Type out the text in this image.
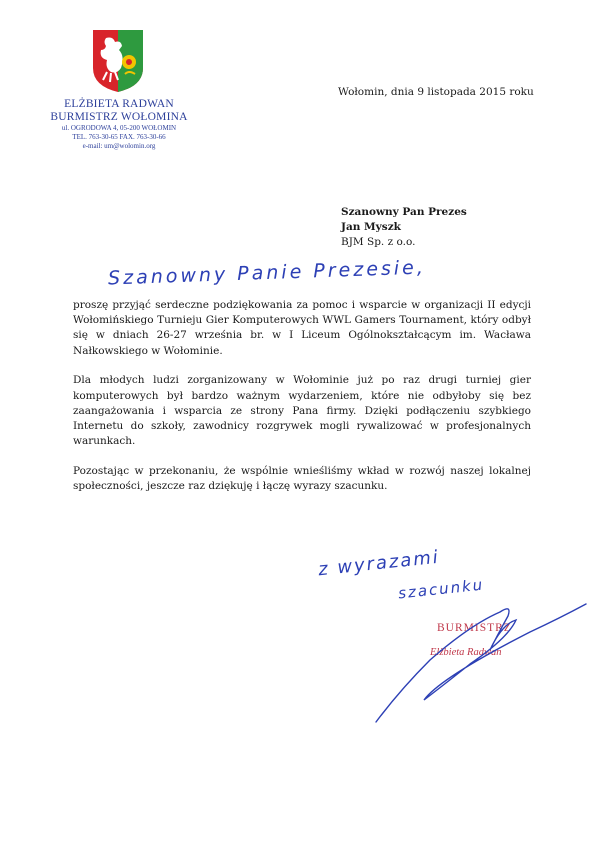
ELŻBIETA RADWAN
BURMISTRZ WOŁOMINA
ul. OGRODOWA 4, 05-200 WOŁOMIN
TEL. 763-30-65 FAX. 763-30-66
e-mail: um@wolomin.org
Wołomin, dnia 9 listopada 2015 roku
Szanowny Pan Prezes
Jan Myszk
BJM Sp. z o.o.
Szanowny Panie Prezesie,

proszę przyjąć serdeczne podziękowania za pomoc i wsparcie w organizacji II edycji Wołomińskiego Turnieju Gier Komputerowych WWL Gamers Tournament, który odbył się w dniach 26-27 września br. w I Liceum Ogólnokształcącym im. Wacława Nałkowskiego w Wołominie.

Dla młodych ludzi zorganizowany w Wołominie już po raz drugi turniej gier komputerowych był bardzo ważnym wydarzeniem, które nie odbyłoby się bez zaangażowania i wsparcia ze strony Pana firmy. Dzięki podłączeniu szybkiego Internetu do szkoły, zawodnicy rozgrywek mogli rywalizować w profesjonalnych warunkach.

Pozostając w przekonaniu, że wspólnie wnieśliśmy wkład w rozwój naszej lokalnej społeczności, jeszcze raz dziękuję i łączę wyrazy szacunku.

z wyrazami
szacunku
BURMISTRZ
Elżbieta Radwan
